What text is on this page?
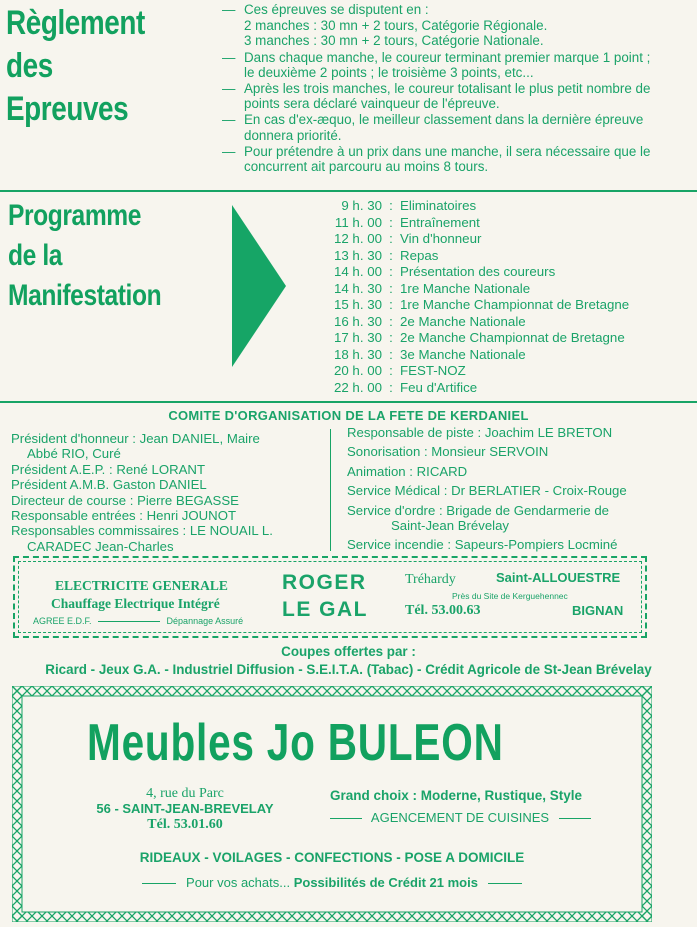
Règlement
des
Epreuves
— Ces épreuves se disputent en :
2 manches : 30 mn + 2 tours, Catégorie Régionale.
3 manches : 30 mn + 2 tours, Catégorie Nationale.
— Dans chaque manche, le coureur terminant premier marque 1 point ; le deuxième 2 points ; le troisième 3 points, etc...
— Après les trois manches, le coureur totalisant le plus petit nombre de points sera déclaré vainqueur de l'épreuve.
— En cas d'ex-æquo, le meilleur classement dans la dernière épreuve donnera priorité.
— Pour prétendre à un prix dans une manche, il sera nécessaire que le concurrent ait parcouru au moins 8 tours.
Programme
de la
Manifestation
9 h. 30 : Eliminatoires
11 h. 00 : Entraînement
12 h. 00 : Vin d'honneur
13 h. 30 : Repas
14 h. 00 : Présentation des coureurs
14 h. 30 : 1re Manche Nationale
15 h. 30 : 1re Manche Championnat de Bretagne
16 h. 30 : 2e Manche Nationale
17 h. 30 : 2e Manche Championnat de Bretagne
18 h. 30 : 3e Manche Nationale
20 h. 00 : FEST-NOZ
22 h. 00 : Feu d'Artifice
COMITE D'ORGANISATION DE LA FETE DE KERDANIEL
Président d'honneur : Jean DANIEL, Maire
Abbé RIO, Curé
Président A.E.P. : René LORANT
Président A.M.B. Gaston DANIEL
Directeur de course : Pierre BEGASSE
Responsable entrées : Henri JOUNOT
Responsables commissaires : LE NOUAIL L.
CARADEC Jean-Charles
Responsable de piste : Joachim LE BRETON
Sonorisation : Monsieur SERVOIN
Animation : RICARD
Service Médical : Dr BERLATIER - Croix-Rouge
Service d'ordre : Brigade de Gendarmerie de
Saint-Jean Brévelay
Service incendie : Sapeurs-Pompiers Locminé
ELECTRICITE GENERALE
Chauffage Electrique Intégré
AGREE E.D.F.	Dépannage Assuré
ROGER
LE GAL
Tréhardy	Saint-ALLOUESTRE
Près du Site de Kerguehennec
Tél. 53.00.63	BIGNAN
Coupes offertes par :
Ricard - Jeux G.A. - Industriel Diffusion - S.E.I.T.A. (Tabac) - Crédit Agricole de St-Jean Brévelay
Meubles Jo BULEON
4, rue du Parc
56 - SAINT-JEAN-BREVELAY
Tél. 53.01.60
Grand choix : Moderne, Rustique, Style
AGENCEMENT DE CUISINES
RIDEAUX - VOILAGES - CONFECTIONS - POSE A DOMICILE
Pour vos achats... Possibilités de Crédit 21 mois
